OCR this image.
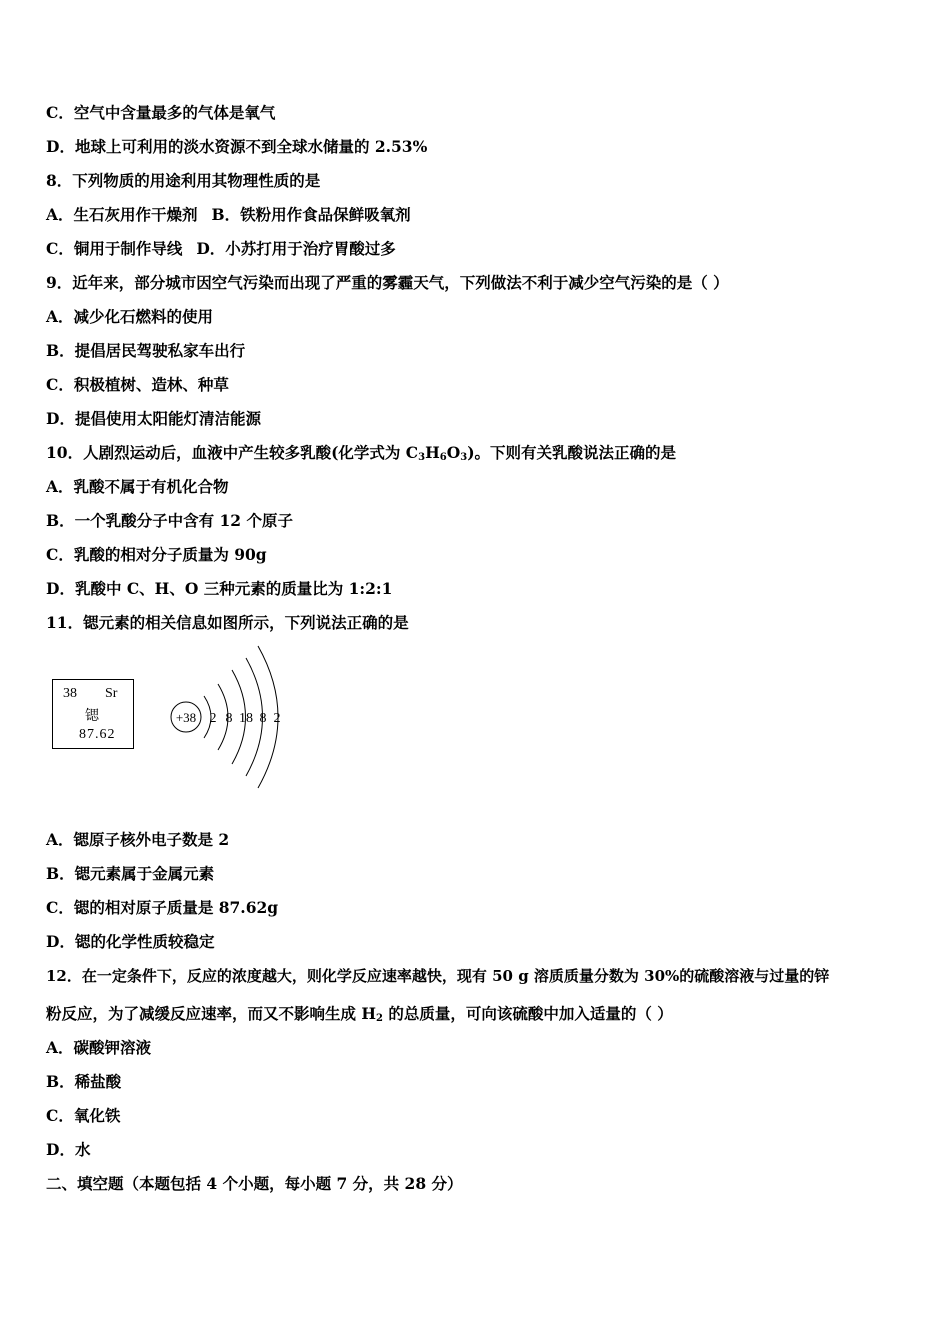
C．空气中含量最多的气体是氧气
D．地球上可利用的淡水资源不到全球水储量的 2.53%
8．下列物质的用途利用其物理性质的是
A．生石灰用作干燥剂 B．铁粉用作食品保鲜吸氧剂
C．铜用于制作导线 D．小苏打用于治疗胃酸过多
9．近年来，部分城市因空气污染而出现了严重的雾霾天气，下列做法不利于减少空气污染的是（ ）
A．减少化石燃料的使用
B．提倡居民驾驶私家车出行
C．积极植树、造林、种草
D．提倡使用太阳能灯清洁能源
10．人剧烈运动后，血液中产生较多乳酸(化学式为 $C_3H_6O_3$)。下则有关乳酸说法正确的是
A．乳酸不属于有机化合物
B．一个乳酸分子中含有 12 个原子
C．乳酸的相对分子质量为 90g
D．乳酸中 C、H、O 三种元素的质量比为 1:2:1
11．锶元素的相关信息如图所示，下列说法正确的是
38 Sr
锶
87.62
+38 2 8 18 8 2
A．锶原子核外电子数是 2
B．锶元素属于金属元素
C．锶的相对原子质量是 87.62g
D．锶的化学性质较稳定
12．在一定条件下，反应的浓度越大，则化学反应速率越快，现有 50 g 溶质质量分数为 30%的硫酸溶液与过量的锌
粉反应，为了减缓反应速率，而又不影响生成 $H_2$ 的总质量，可向该硫酸中加入适量的（ ）
A．碳酸钾溶液
B．稀盐酸
C．氧化铁
D．水
二、填空题（本题包括 4 个小题，每小题 7 分，共 28 分）
